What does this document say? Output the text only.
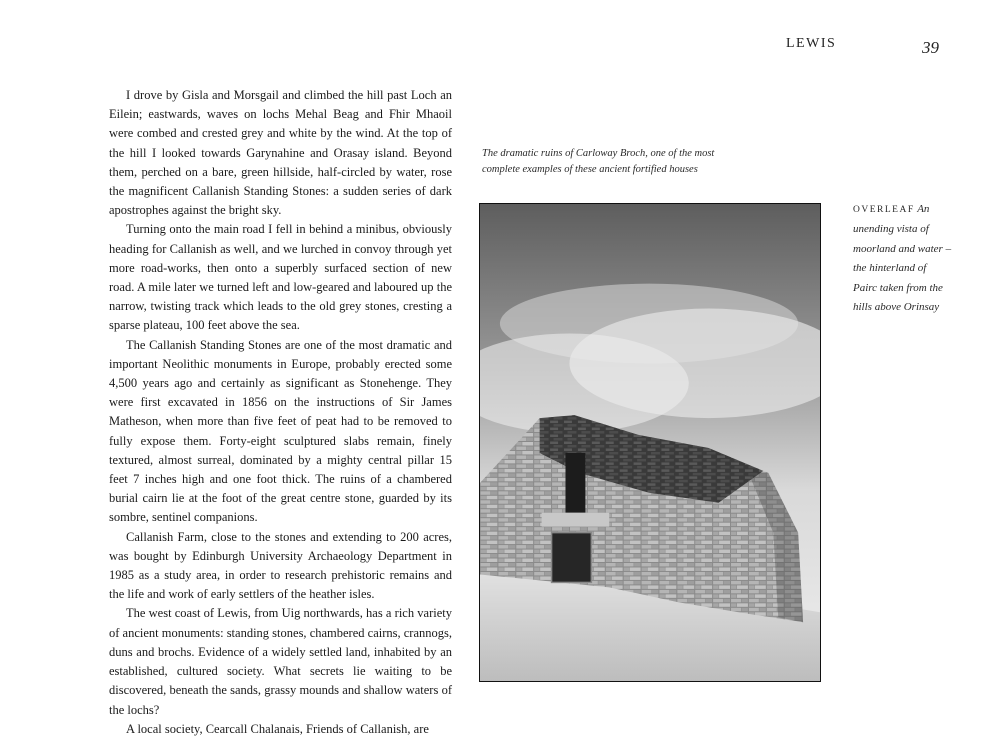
LEWIS	39

I drove by Gisla and Morsgail and climbed the hill past Loch an Eilein; eastwards, waves on lochs Mehal Beag and Fhir Mhaoil were combed and crested grey and white by the wind. At the top of the hill I looked towards Garynahine and Orasay island. Beyond them, perched on a bare, green hillside, half-circled by water, rose the magnificent Callanish Standing Stones: a sudden series of dark apostrophes against the bright sky.

Turning onto the main road I fell in behind a minibus, obviously heading for Callanish as well, and we lurched in convoy through yet more road-works, then onto a superbly surfaced section of new road. A mile later we turned left and low-geared and laboured up the narrow, twisting track which leads to the old grey stones, cresting a sparse plateau, 100 feet above the sea.

The Callanish Standing Stones are one of the most dramatic and important Neolithic monuments in Europe, probably erected some 4,500 years ago and certainly as significant as Stonehenge. They were first excavated in 1856 on the instructions of Sir James Matheson, when more than five feet of peat had to be removed to fully expose them. Forty-eight sculptured slabs remain, finely textured, almost surreal, dominated by a mighty central pillar 15 feet 7 inches high and one foot thick. The ruins of a chambered burial cairn lie at the foot of the great centre stone, guarded by its sombre, sentinel companions.

Callanish Farm, close to the stones and extending to 200 acres, was bought by Edinburgh University Archaeology Department in 1985 as a study area, in order to research prehistoric remains and the life and work of early settlers of the heather isles.

The west coast of Lewis, from Uig northwards, has a rich variety of ancient monuments: standing stones, chambered cairns, crannogs, duns and brochs. Evidence of a widely settled land, inhabited by an established, cultured society. What secrets lie waiting to be discovered, beneath the sands, grassy mounds and shallow waters of the lochs?

A local society, Cearcall Chalanais, Friends of Callanish, are

The dramatic ruins of Carloway Broch, one of the most complete examples of these ancient fortified houses
OVERLEAF An unending vista of moorland and water – the hinterland of Pairc taken from the hills above Orinsay
